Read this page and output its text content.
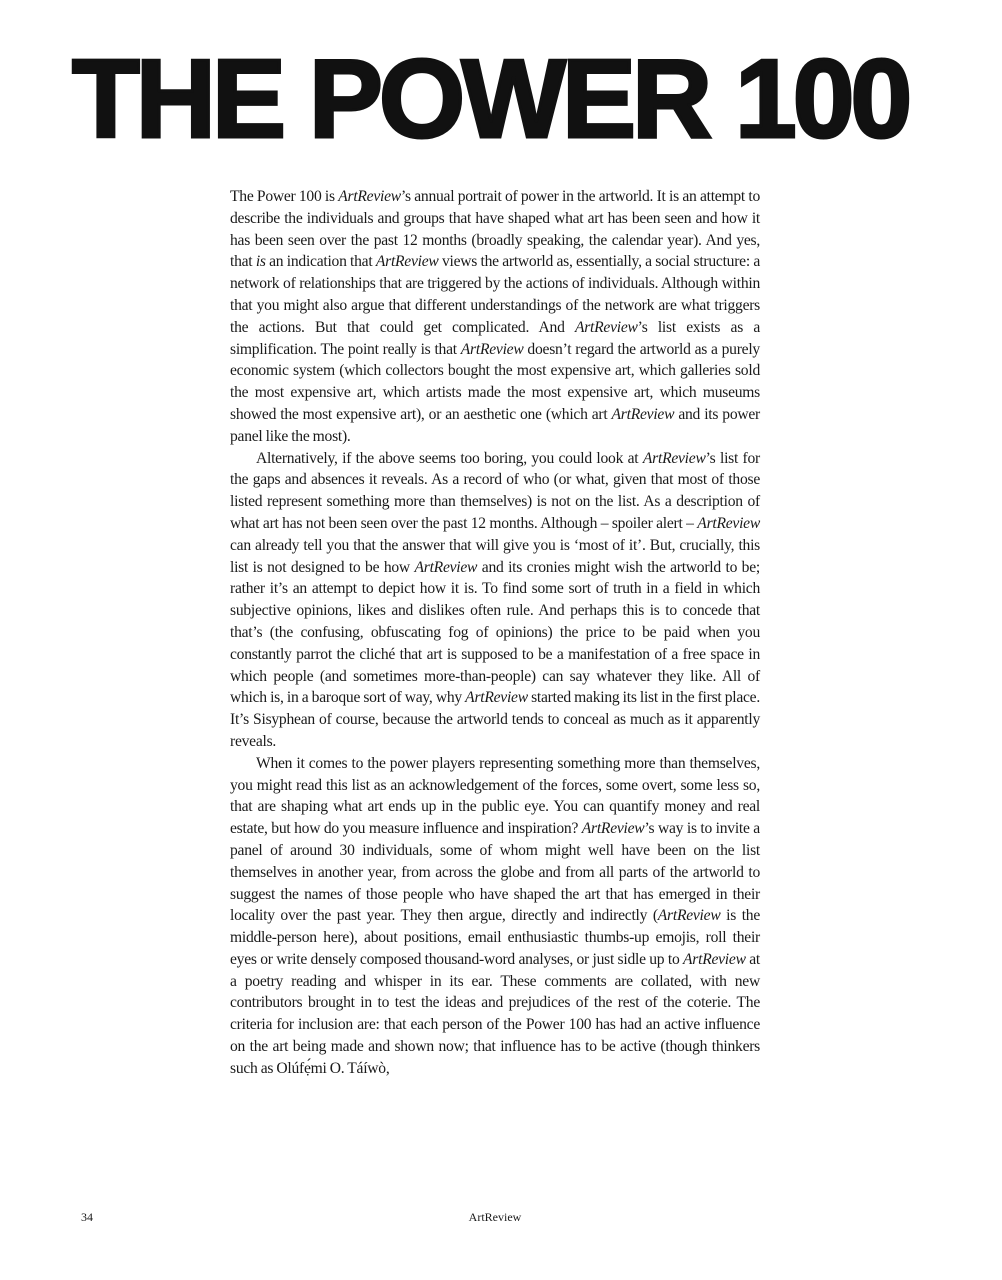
THE POWER 100

The Power 100 is ArtReview’s annual portrait of power in the artworld. It is an attempt to describe the individuals and groups that have shaped what art has been seen and how it has been seen over the past 12 months (broadly speaking, the calendar year). And yes, that is an indication that ArtReview views the artworld as, essentially, a social structure: a network of relationships that are triggered by the actions of individuals. Although within that you might also argue that different understandings of the network are what triggers the actions. But that could get complicated. And ArtReview’s list exists as a simplification. The point really is that ArtReview doesn’t regard the artworld as a purely economic system (which collectors bought the most expensive art, which galleries sold the most expensive art, which artists made the most expensive art, which museums showed the most expensive art), or an aesthetic one (which art ArtReview and its power panel like the most).

Alternatively, if the above seems too boring, you could look at ArtReview’s list for the gaps and absences it reveals. As a record of who (or what, given that most of those listed represent something more than themselves) is not on the list. As a description of what art has not been seen over the past 12 months. Although – spoiler alert – ArtReview can already tell you that the answer that will give you is ‘most of it’. But, crucially, this list is not designed to be how ArtReview and its cronies might wish the artworld to be; rather it’s an attempt to depict how it is. To find some sort of truth in a field in which subjective opinions, likes and dislikes often rule. And perhaps this is to concede that that’s (the confusing, obfuscating fog of opinions) the price to be paid when you constantly parrot the cliché that art is supposed to be a manifestation of a free space in which people (and sometimes more-than-people) can say whatever they like. All of which is, in a baroque sort of way, why ArtReview started making its list in the first place. It’s Sisyphean of course, because the artworld tends to conceal as much as it apparently reveals.

When it comes to the power players representing something more than themselves, you might read this list as an acknowledgement of the forces, some overt, some less so, that are shaping what art ends up in the public eye. You can quantify money and real estate, but how do you measure influence and inspiration? ArtReview’s way is to invite a panel of around 30 individuals, some of whom might well have been on the list themselves in another year, from across the globe and from all parts of the artworld to suggest the names of those people who have shaped the art that has emerged in their locality over the past year. They then argue, directly and indirectly (ArtReview is the middle-person here), about positions, email enthusiastic thumbs-up emojis, roll their eyes or write densely composed thousand-word analyses, or just sidle up to ArtReview at a poetry reading and whisper in its ear. These comments are collated, with new contributors brought in to test the ideas and prejudices of the rest of the coterie. The criteria for inclusion are: that each person of the Power 100 has had an active influence on the art being made and shown now; that influence has to be active (though thinkers such as Olúfẹ́mi O. Táíwò,

34	ArtReview
